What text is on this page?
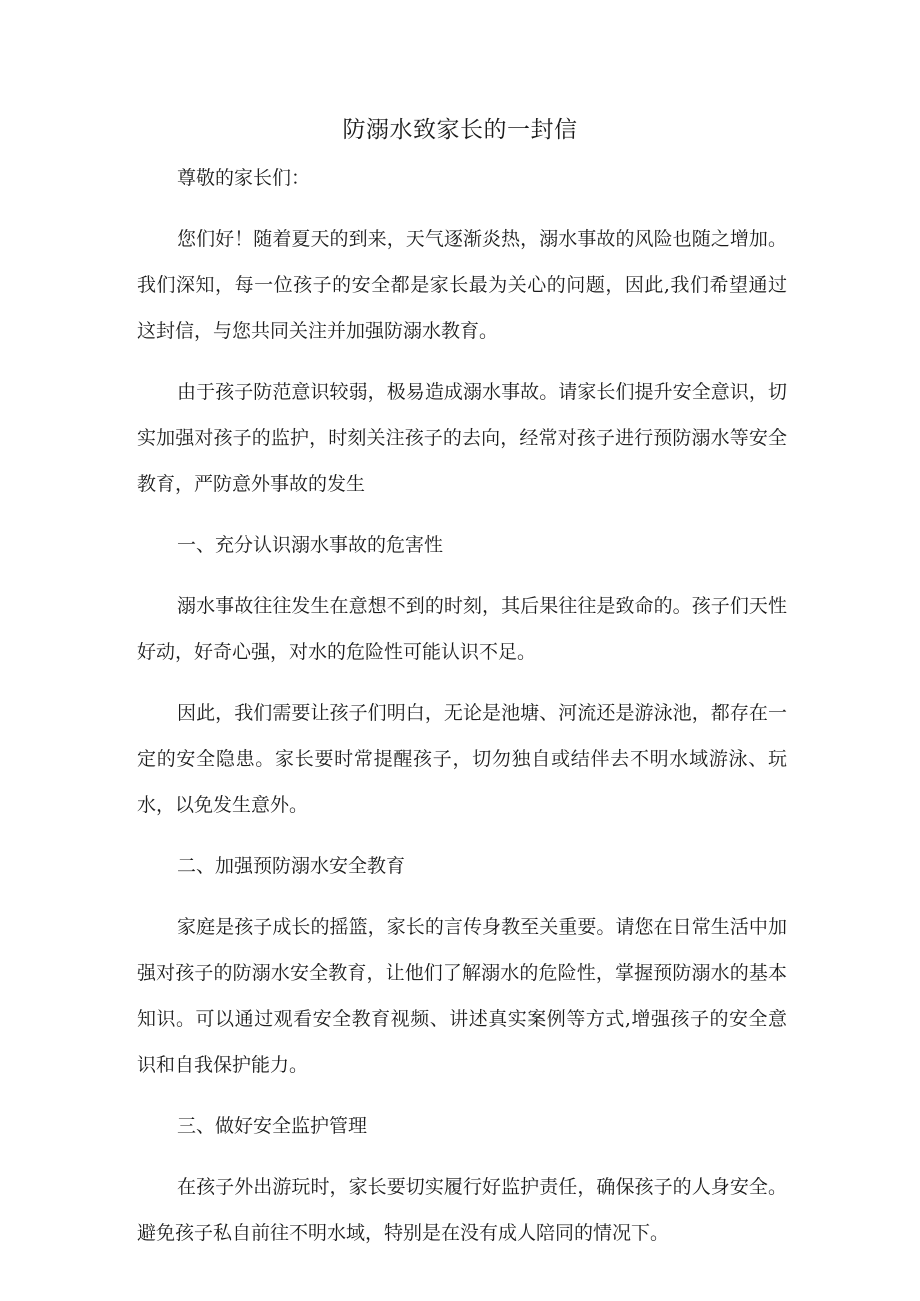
防溺水致家长的一封信

尊敬的家长们：

您们好！随着夏天的到来，天气逐渐炎热，溺水事故的风险也随之增加。我们深知，每一位孩子的安全都是家长最为关心的问题，因此,我们希望通过这封信，与您共同关注并加强防溺水教育。

由于孩子防范意识较弱，极易造成溺水事故。请家长们提升安全意识，切实加强对孩子的监护，时刻关注孩子的去向，经常对孩子进行预防溺水等安全教育，严防意外事故的发生

一、充分认识溺水事故的危害性

溺水事故往往发生在意想不到的时刻，其后果往往是致命的。孩子们天性好动，好奇心强，对水的危险性可能认识不足。

因此，我们需要让孩子们明白，无论是池塘、河流还是游泳池，都存在一定的安全隐患。家长要时常提醒孩子，切勿独自或结伴去不明水域游泳、玩水，以免发生意外。

二、加强预防溺水安全教育

家庭是孩子成长的摇篮，家长的言传身教至关重要。请您在日常生活中加强对孩子的防溺水安全教育，让他们了解溺水的危险性，掌握预防溺水的基本知识。可以通过观看安全教育视频、讲述真实案例等方式,增强孩子的安全意识和自我保护能力。

三、做好安全监护管理

在孩子外出游玩时，家长要切实履行好监护责任，确保孩子的人身安全。避免孩子私自前往不明水域，特别是在没有成人陪同的情况下。
